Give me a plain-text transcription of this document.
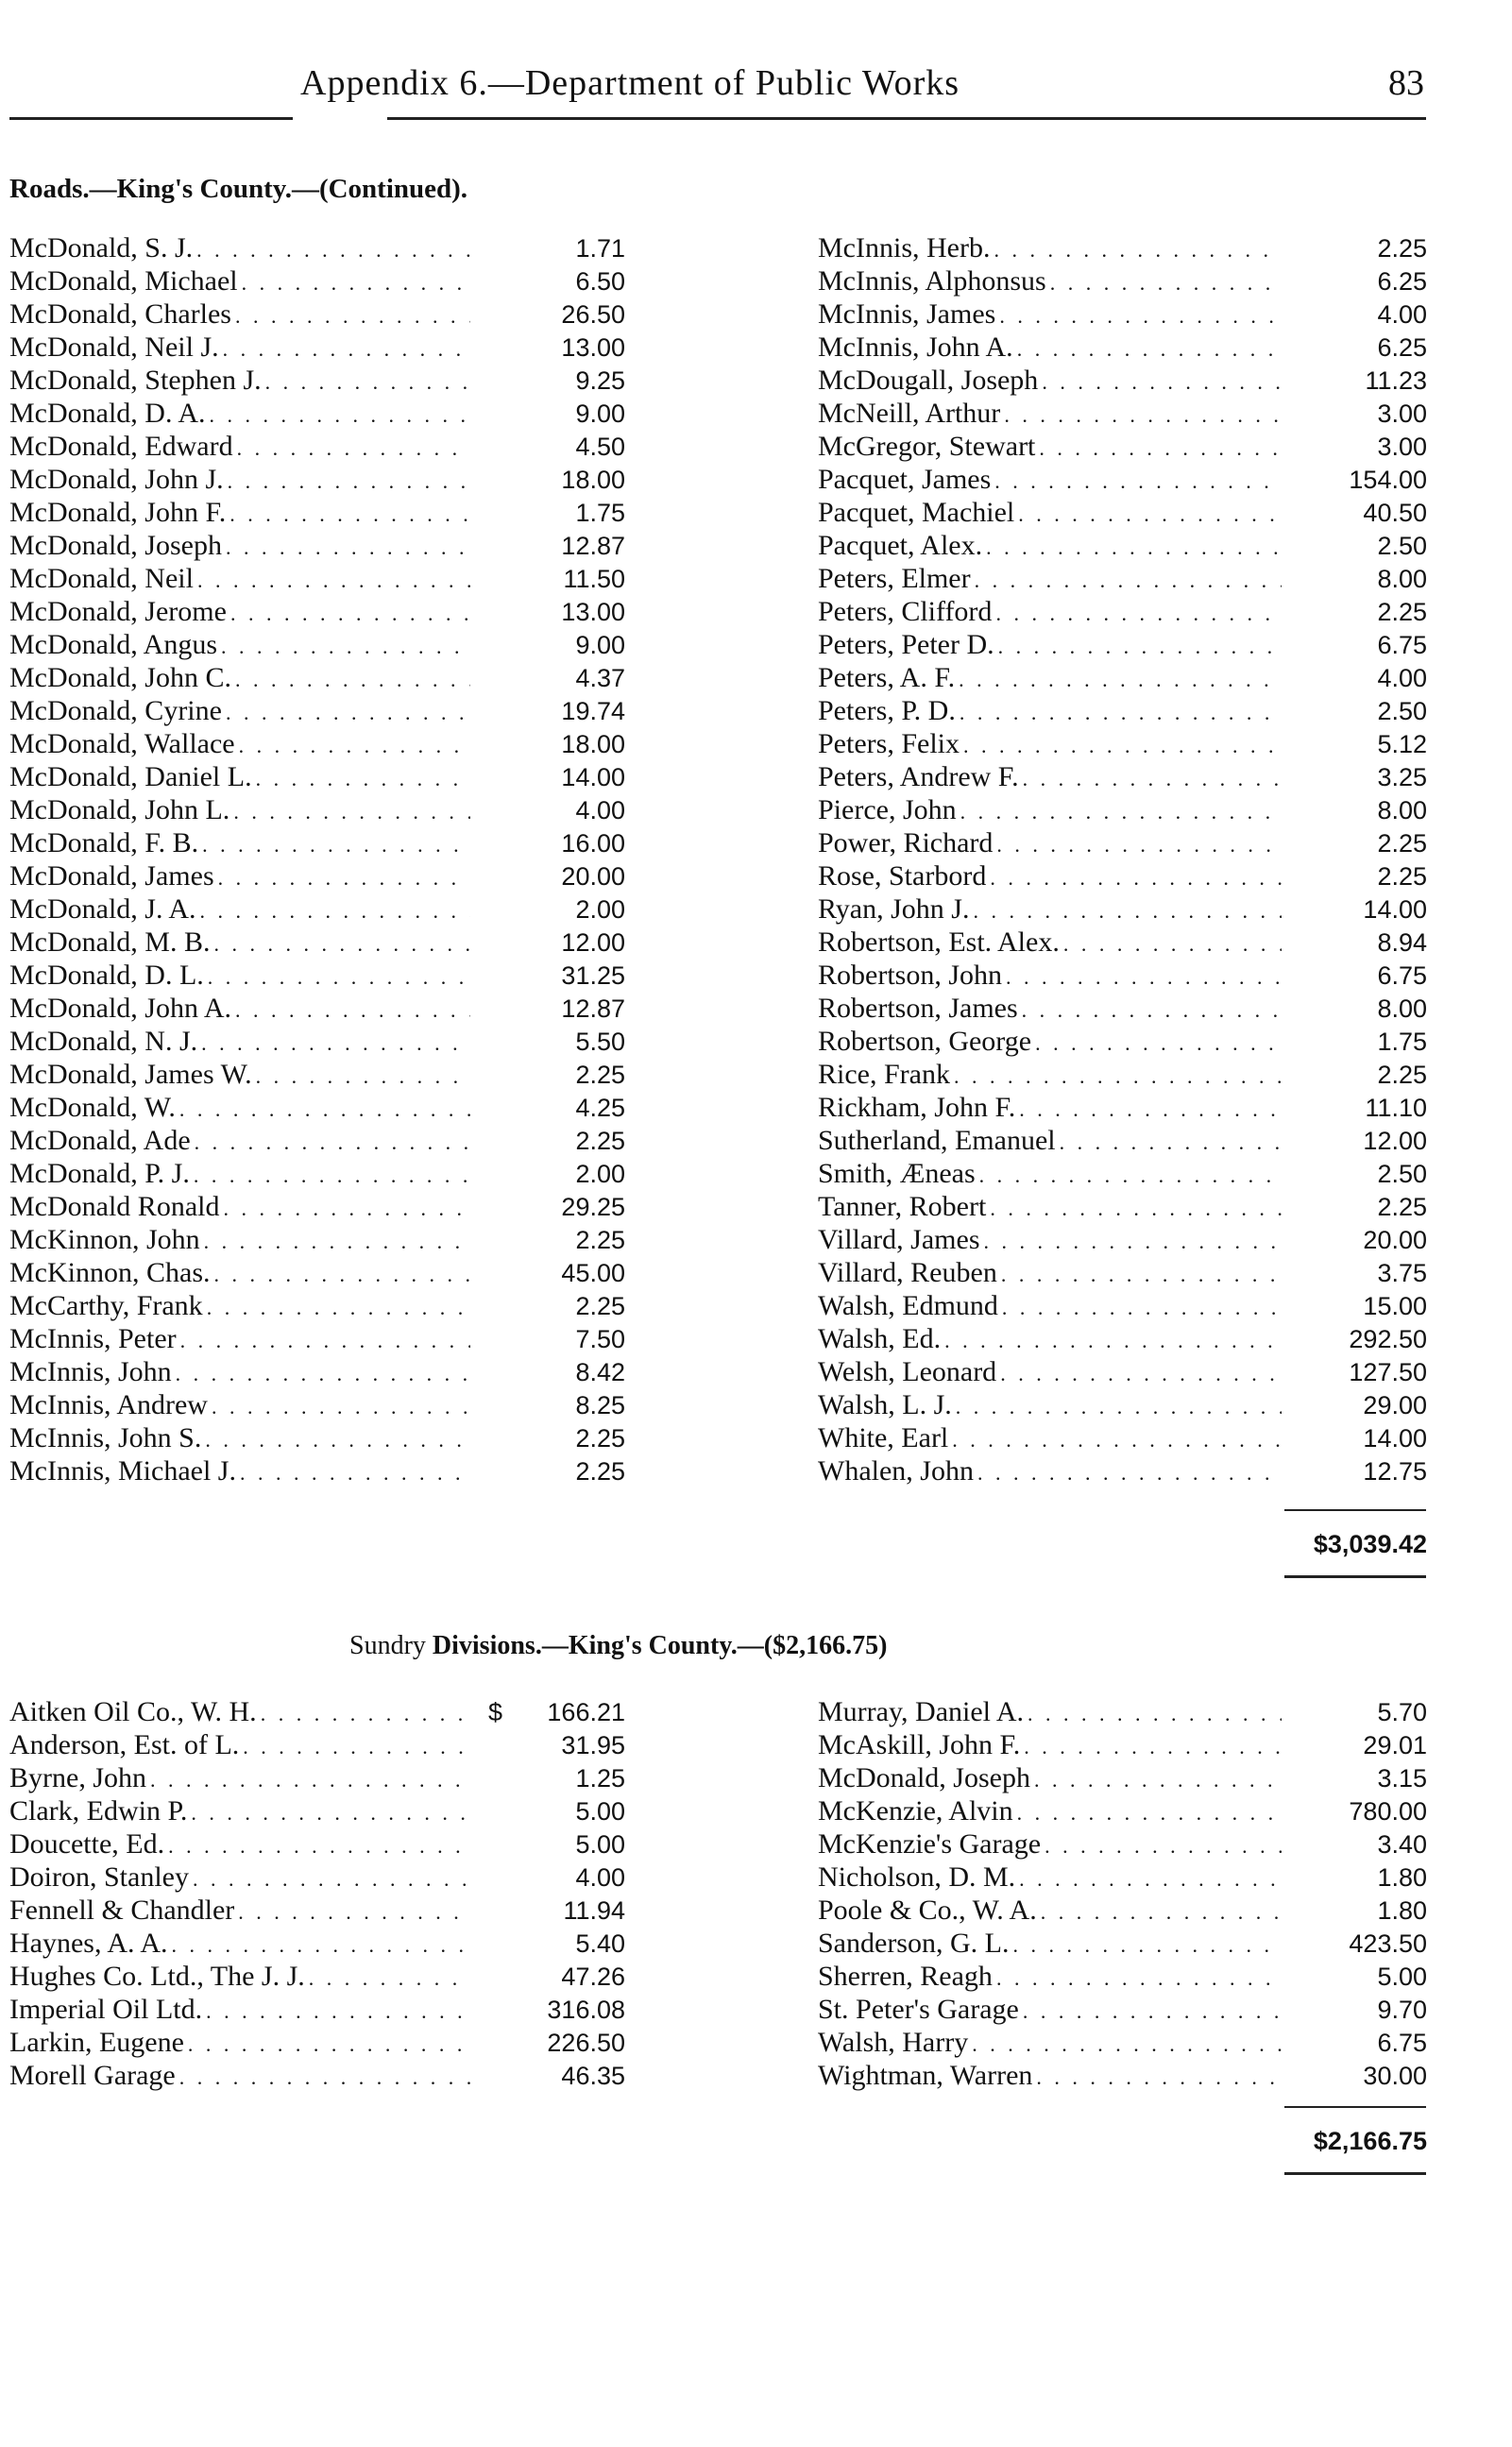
Appendix 6.—Department of Public Works	83
Roads.—King's County.—(Continued).
McDonald, S. J. . . .	1.71
McDonald, Michael . . .	6.50
McDonald, Charles . . .	26.50
McDonald, Neil J. . . .	13.00
McDonald, Stephen J. . . .	9.25
McDonald, D. A. . . .	9.00
McDonald, Edward . . .	4.50
McDonald, John J. . . .	18.00
McDonald, John F. . . .	1.75
McDonald, Joseph . . .	12.87
McDonald, Neil . . .	11.50
McDonald, Jerome . . .	13.00
McDonald, Angus . . .	9.00
McDonald, John C. . . .	4.37
McDonald, Cyrine . . .	19.74
McDonald, Wallace . . .	18.00
McDonald, Daniel L. . . .	14.00
McDonald, John L. . . .	4.00
McDonald, F. B. . . .	16.00
McDonald, James . . .	20.00
McDonald, J. A. . . .	2.00
McDonald, M. B. . . .	12.00
McDonald, D. L. . . .	31.25
McDonald, John A. . . .	12.87
McDonald, N. J. . . .	5.50
McDonald, James W. . . .	2.25
McDonald, W. . . .	4.25
McDonald, Ade . . .	2.25
McDonald, P. J. . . .	2.00
McDonald Ronald . . .	29.25
McKinnon, John . . .	2.25
McKinnon, Chas. . . .	45.00
McCarthy, Frank . . .	2.25
McInnis, Peter . . .	7.50
McInnis, John . . .	8.42
McInnis, Andrew . . .	8.25
McInnis, John S. . . .	2.25
McInnis, Michael J. . . .	2.25
McInnis, Herb. . . .	2.25
McInnis, Alphonsus . . .	6.25
McInnis, James . . .	4.00
McInnis, John A. . . .	6.25
McDougall, Joseph . . .	11.23
McNeill, Arthur . . .	3.00
McGregor, Stewart . . .	3.00
Pacquet, James . . .	154.00
Pacquet, Machiel . . .	40.50
Pacquet, Alex. . . .	2.50
Peters, Elmer . . .	8.00
Peters, Clifford . . .	2.25
Peters, Peter D. . . .	6.75
Peters, A. F. . . .	4.00
Peters, P. D. . . .	2.50
Peters, Felix . . .	5.12
Peters, Andrew F. . . .	3.25
Pierce, John . . .	8.00
Power, Richard . . .	2.25
Rose, Starbord . . .	2.25
Ryan, John J. . . .	14.00
Robertson, Est. Alex. . . .	8.94
Robertson, John . . .	6.75
Robertson, James . . .	8.00
Robertson, George . . .	1.75
Rice, Frank . . .	2.25
Rickham, John F. . . .	11.10
Sutherland, Emanuel . . .	12.00
Smith, Æneas . . .	2.50
Tanner, Robert . . .	2.25
Villard, James . . .	20.00
Villard, Reuben . . .	3.75
Walsh, Edmund . . .	15.00
Walsh, Ed. . . .	292.50
Welsh, Leonard . . .	127.50
Walsh, L. J. . . .	29.00
White, Earl . . .	14.00
Whalen, John . . .	12.75
$3,039.42
Sundry Divisions.—King's County.—($2,166.75)
Aitken Oil Co., W. H. . . .	$	166.21
Anderson, Est. of L. . . .	31.95
Byrne, John . . .	1.25
Clark, Edwin P. . . .	5.00
Doucette, Ed. . . .	5.00
Doiron, Stanley . . .	4.00
Fennell & Chandler . . .	11.94
Haynes, A. A. . . .	5.40
Hughes Co. Ltd., The J. J. . . .	47.26
Imperial Oil Ltd. . . .	316.08
Larkin, Eugene . . .	226.50
Morell Garage . . .	46.35
Murray, Daniel A. . . .	5.70
McAskill, John F. . . .	29.01
McDonald, Joseph . . .	3.15
McKenzie, Alvin . . .	780.00
McKenzie's Garage . . .	3.40
Nicholson, D. M. . . .	1.80
Poole & Co., W. A. . . .	1.80
Sanderson, G. L. . . .	423.50
Sherren, Reagh . . .	5.00
St. Peter's Garage . . .	9.70
Walsh, Harry . . .	6.75
Wightman, Warren . . .	30.00
$2,166.75
